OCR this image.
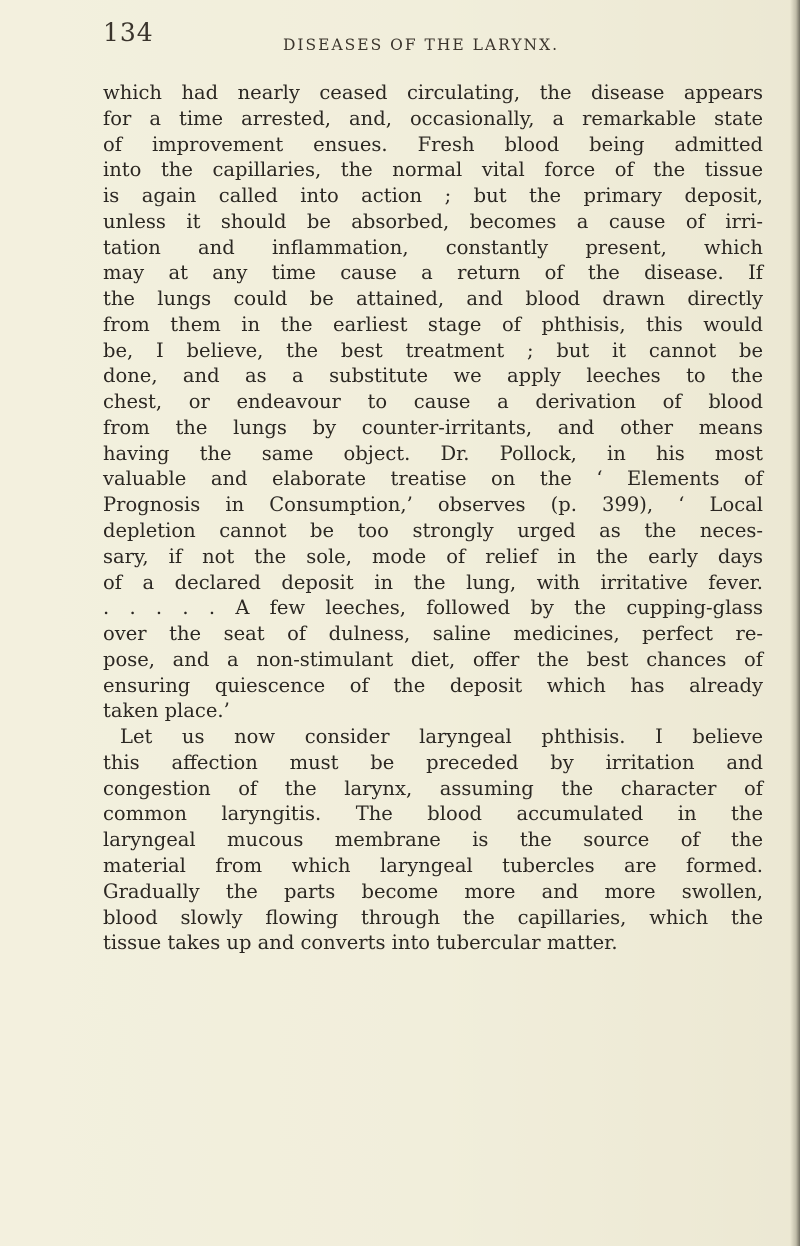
134	DISEASES OF THE LARYNX.
which had nearly ceased circulating, the disease appears
for a time arrested, and, occasionally, a remarkable state
of improvement ensues. Fresh blood being admitted
into the capillaries, the normal vital force of the tissue
is again called into action ; but the primary deposit,
unless it should be absorbed, becomes a cause of irri-
tation and inflammation, constantly present, which
may at any time cause a return of the disease. If
the lungs could be attained, and blood drawn directly
from them in the earliest stage of phthisis, this would
be, I believe, the best treatment ; but it cannot be
done, and as a substitute we apply leeches to the
chest, or endeavour to cause a derivation of blood
from the lungs by counter-irritants, and other means
having the same object. Dr. Pollock, in his most
valuable and elaborate treatise on the ‘ Elements of
Prognosis in Consumption,’ observes (p. 399), ‘ Local
depletion cannot be too strongly urged as the neces-
sary, if not the sole, mode of relief in the early days
of a declared deposit in the lung, with irritative fever.
. . . . . A few leeches, followed by the cupping-glass
over the seat of dulness, saline medicines, perfect re-
pose, and a non-stimulant diet, offer the best chances of
ensuring quiescence of the deposit which has already
taken place.’
Let us now consider laryngeal phthisis. I believe
this affection must be preceded by irritation and
congestion of the larynx, assuming the character of
common laryngitis. The blood accumulated in the
laryngeal mucous membrane is the source of the
material from which laryngeal tubercles are formed.
Gradually the parts become more and more swollen,
blood slowly flowing through the capillaries, which the
tissue takes up and converts into tubercular matter.
